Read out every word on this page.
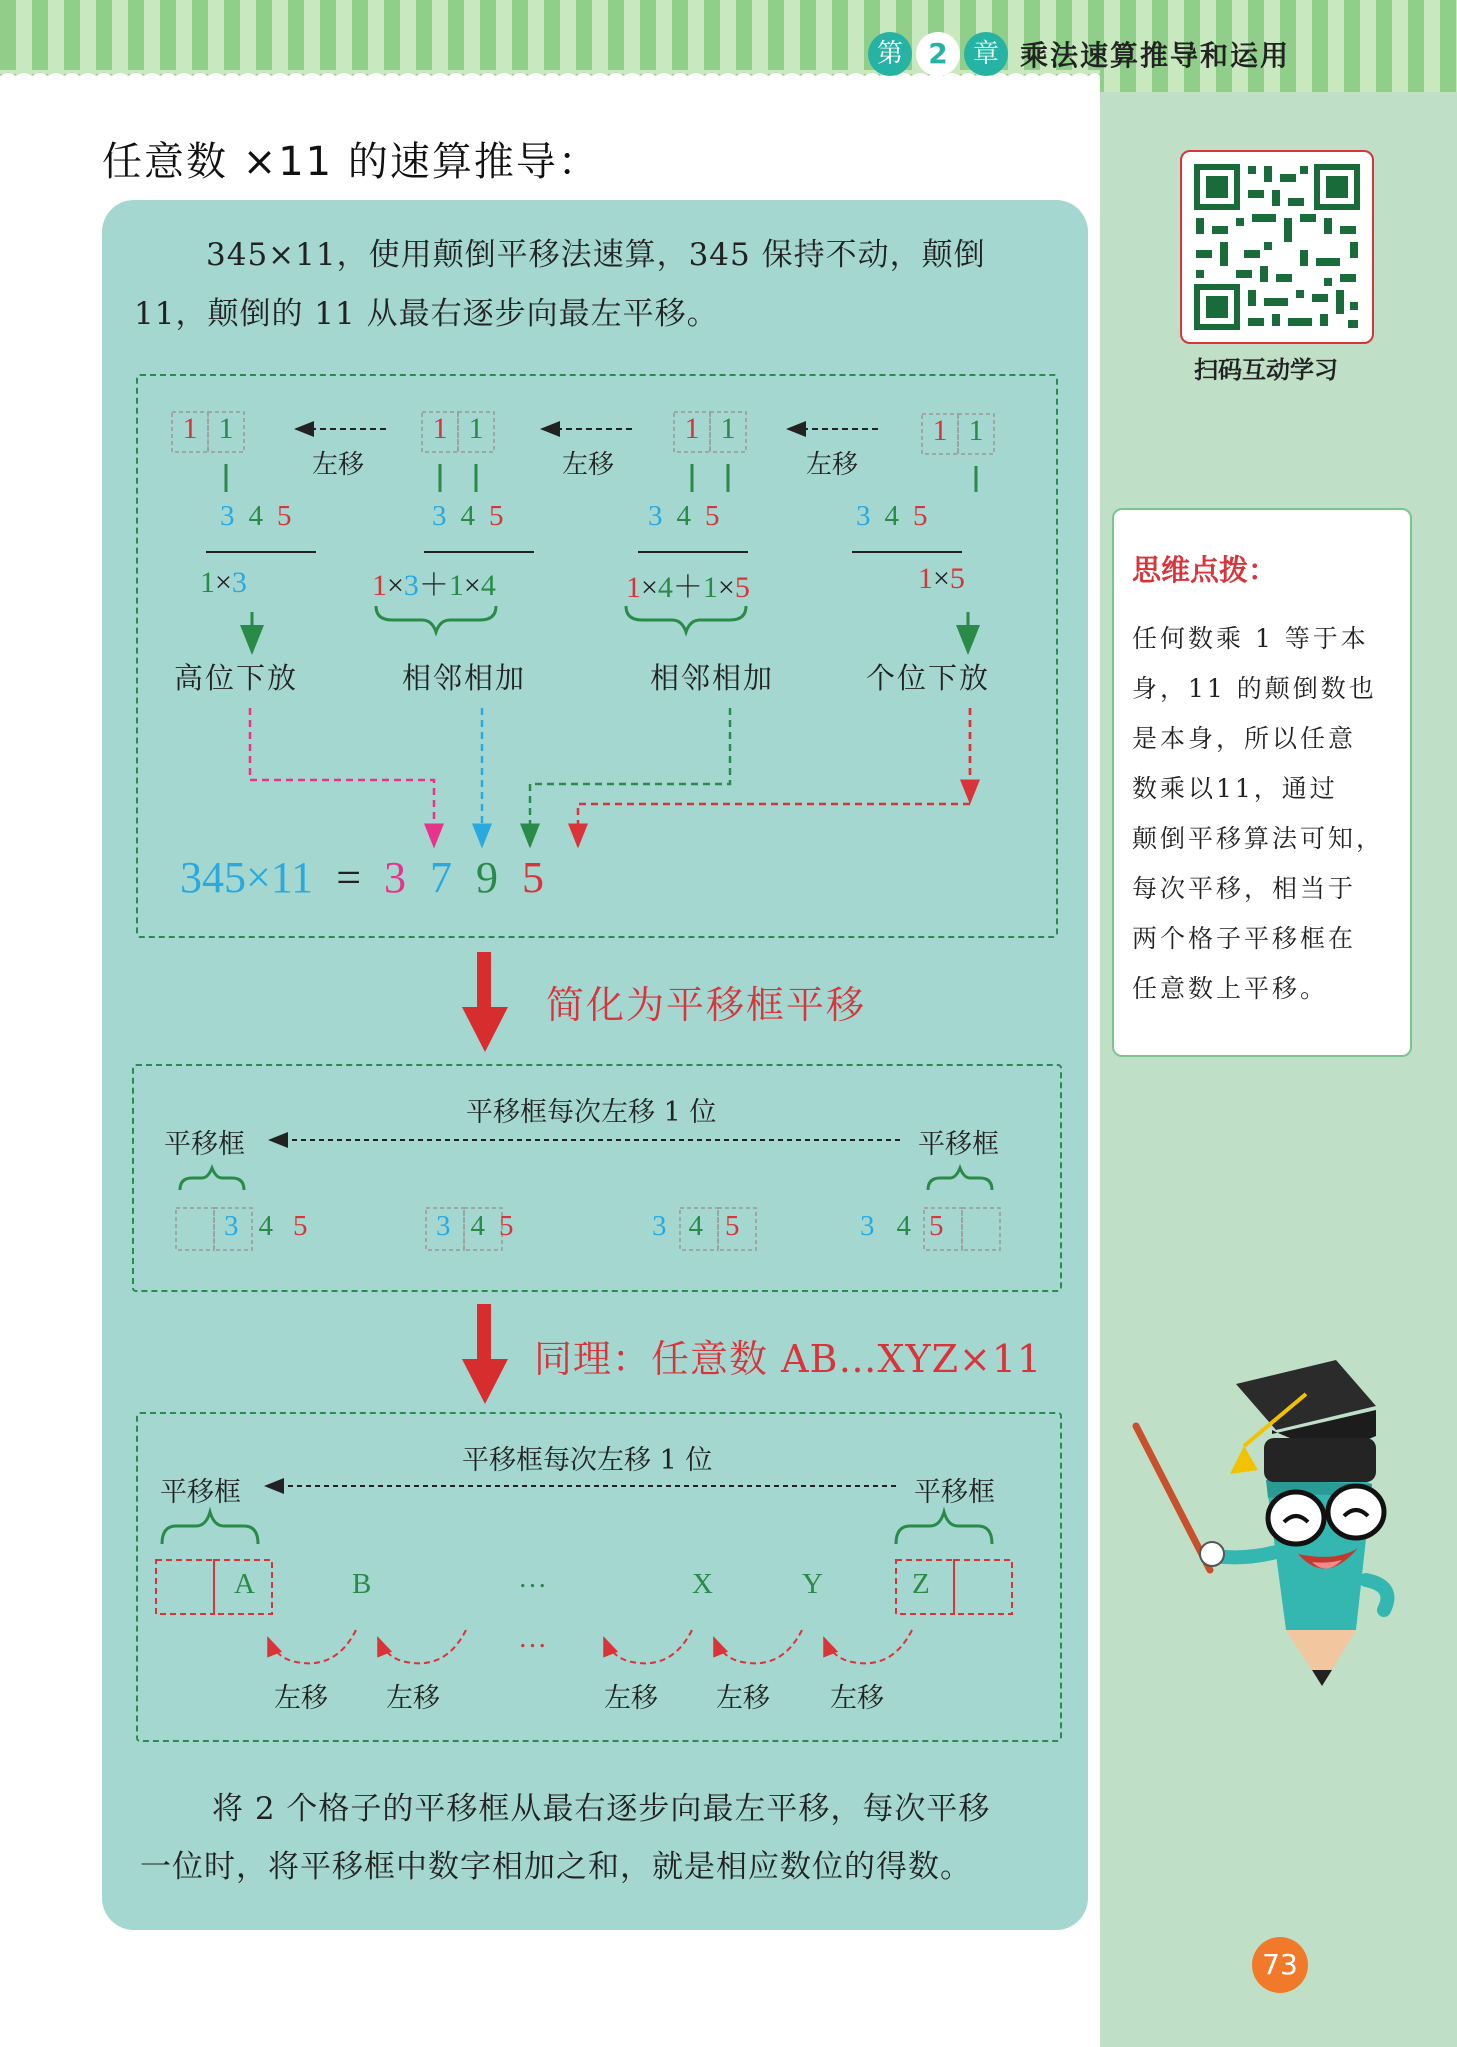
第 2 章 乘法速算推导和运用
任意数 ×11 的速算推导：
345×11，使用颠倒平移法速算，345 保持不动，颠倒
11，颠倒的 11 从最右逐步向最左平移。
1 1	1 1	1 1	1 1
左移	左移	左移
345	345	345	345
1×3	1×3＋1×4	1×4＋1×5	1×5
高位下放	相邻相加	相邻相加	个位下放
345×11 = 3 7 9 5
简化为平移框平移
平移框每次左移 1 位
平移框	平移框
3 4 5	3 4 5	3 4 5	3 4 5
同理：任意数 AB…XYZ×11
平移框每次左移 1 位
平移框	平移框
A	B	…	X	Y	Z
…
左移 左移	左移 左移 左移
将 2 个格子的平移框从最右逐步向最左平移，每次平移
一位时，将平移框中数字相加之和，就是相应数位的得数。
扫码互动学习
思维点拨：
任何数乘 1 等于本
身，11 的颠倒数也
是本身，所以任意
数乘以11，通过
颠倒平移算法可知，
每次平移，相当于
两个格子平移框在
任意数上平移。
73
